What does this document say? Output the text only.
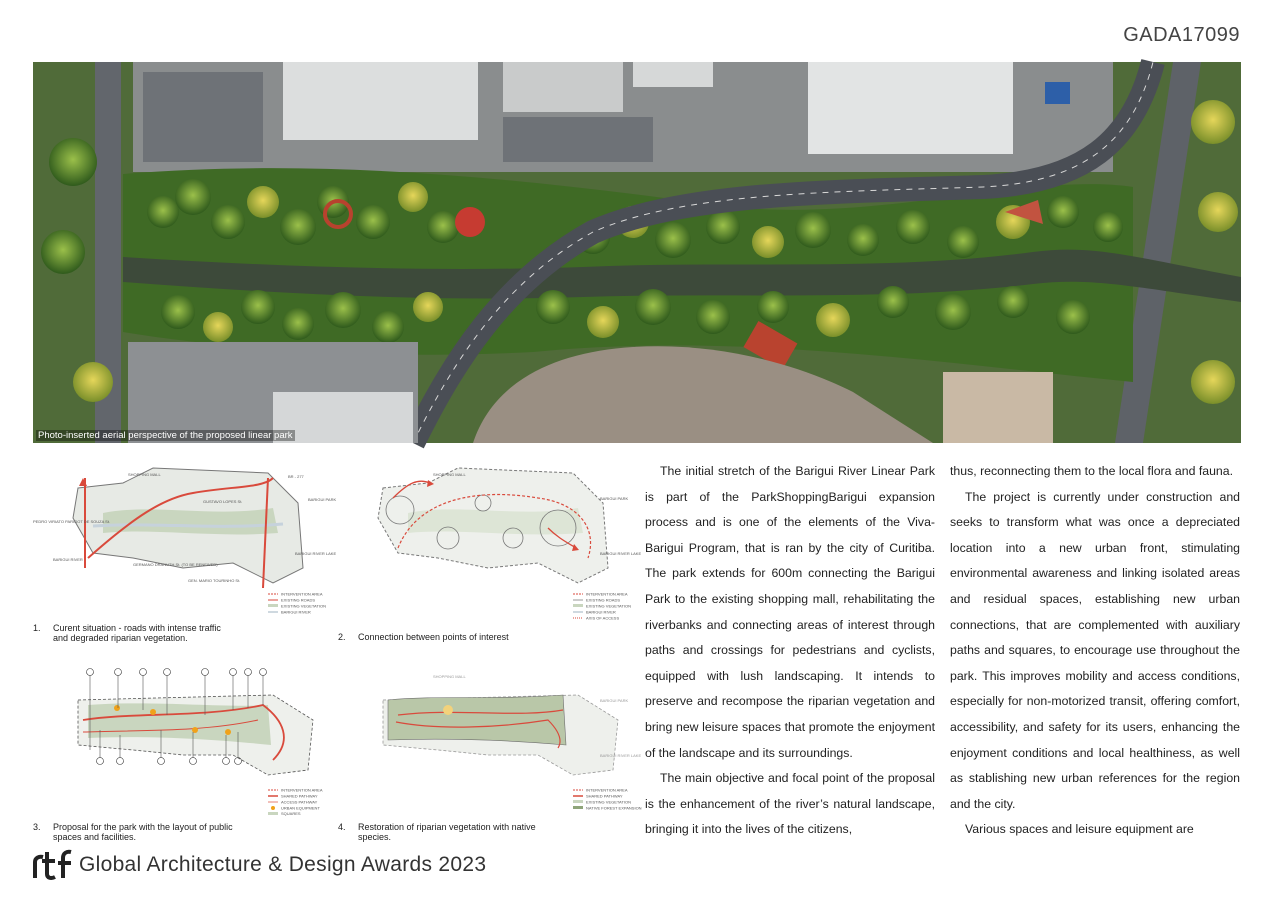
GADA17099
Photo-inserted aerial perspective of the proposed linear park
SHOPPING MALL
GUSTAVO LOPES St.
BR - 277
PEDRO VIRIATO PARIGOT DE SOUZA St.
BARIGUI PARK
BARIGUI RIVER
BARIGUI RIVER LAKE
GERMANO DRANUTH St. (TO BE RENEWED)
GEN. MARIO TOURINHO St.
INTERVENTION AREA
EXISTING ROADS
EXISTING VEGETATION
BARIGUI RIVER
1.	Curent situation - roads with intense traffic
and degraded riparian vegetation.
SHOPPING MALL
BARIGUI PARK
BARIGUI RIVER LAKE
INTERVENTION AREA
EXISTING ROADS
EXISTING VEGETATION
BARIGUI RIVER
AXIS OF ACCESS
2.	Connection between points of interest
INTERVENTION AREA
SHARED PATHWAY
ACCESS PATHWAY
URBAN EQUIPMENT
SQUARES
3.	Proposal for the park with the layout of public
spaces and facilities.
SHOPPING MALL
BARIGUI PARK
BARIGUI RIVER LAKE
INTERVENTION AREA
SHARED PATHWAY
EXISTING VEGETATION
NATIVE FOREST EXPANSION
4.	Restoration of riparian vegetation with native
species.

The initial stretch of the Barigui River Linear Park is part of the ParkShoppingBarigui expansion process and is one of the elements of the Viva-Barigui Program, that is ran by the city of Curitiba. The park extends for 600m connecting the Barigui Park to the existing shopping mall, rehabilitating the riverbanks and connecting areas of interest through paths and crossings for pedestrians and cyclists, equipped with lush landscaping. It intends to preserve and recompose the riparian vegetation and bring new leisure spaces that promote the enjoyment of the landscape and its surroundings.

The main objective and focal point of the proposal is the enhancement of the river’s natural landscape, bringing it into the lives of the citizens,

thus, reconnecting them to the local flora and fauna.

The project is currently under construction and seeks to transform what was once a depreciated location into a new urban front, stimulating environmental awareness and linking isolated areas and residual spaces, establishing new urban connections, that are complemented with auxiliary paths and squares, to encourage use throughout the park. This improves mobility and access conditions, especially for non-motorized transit, offering comfort, accessibility, and safety for its users, enhancing the enjoyment conditions and local healthiness, as well as stablishing new urban references for the region and the city.

Various spaces and leisure equipment are

Global Architecture & Design Awards 2023
